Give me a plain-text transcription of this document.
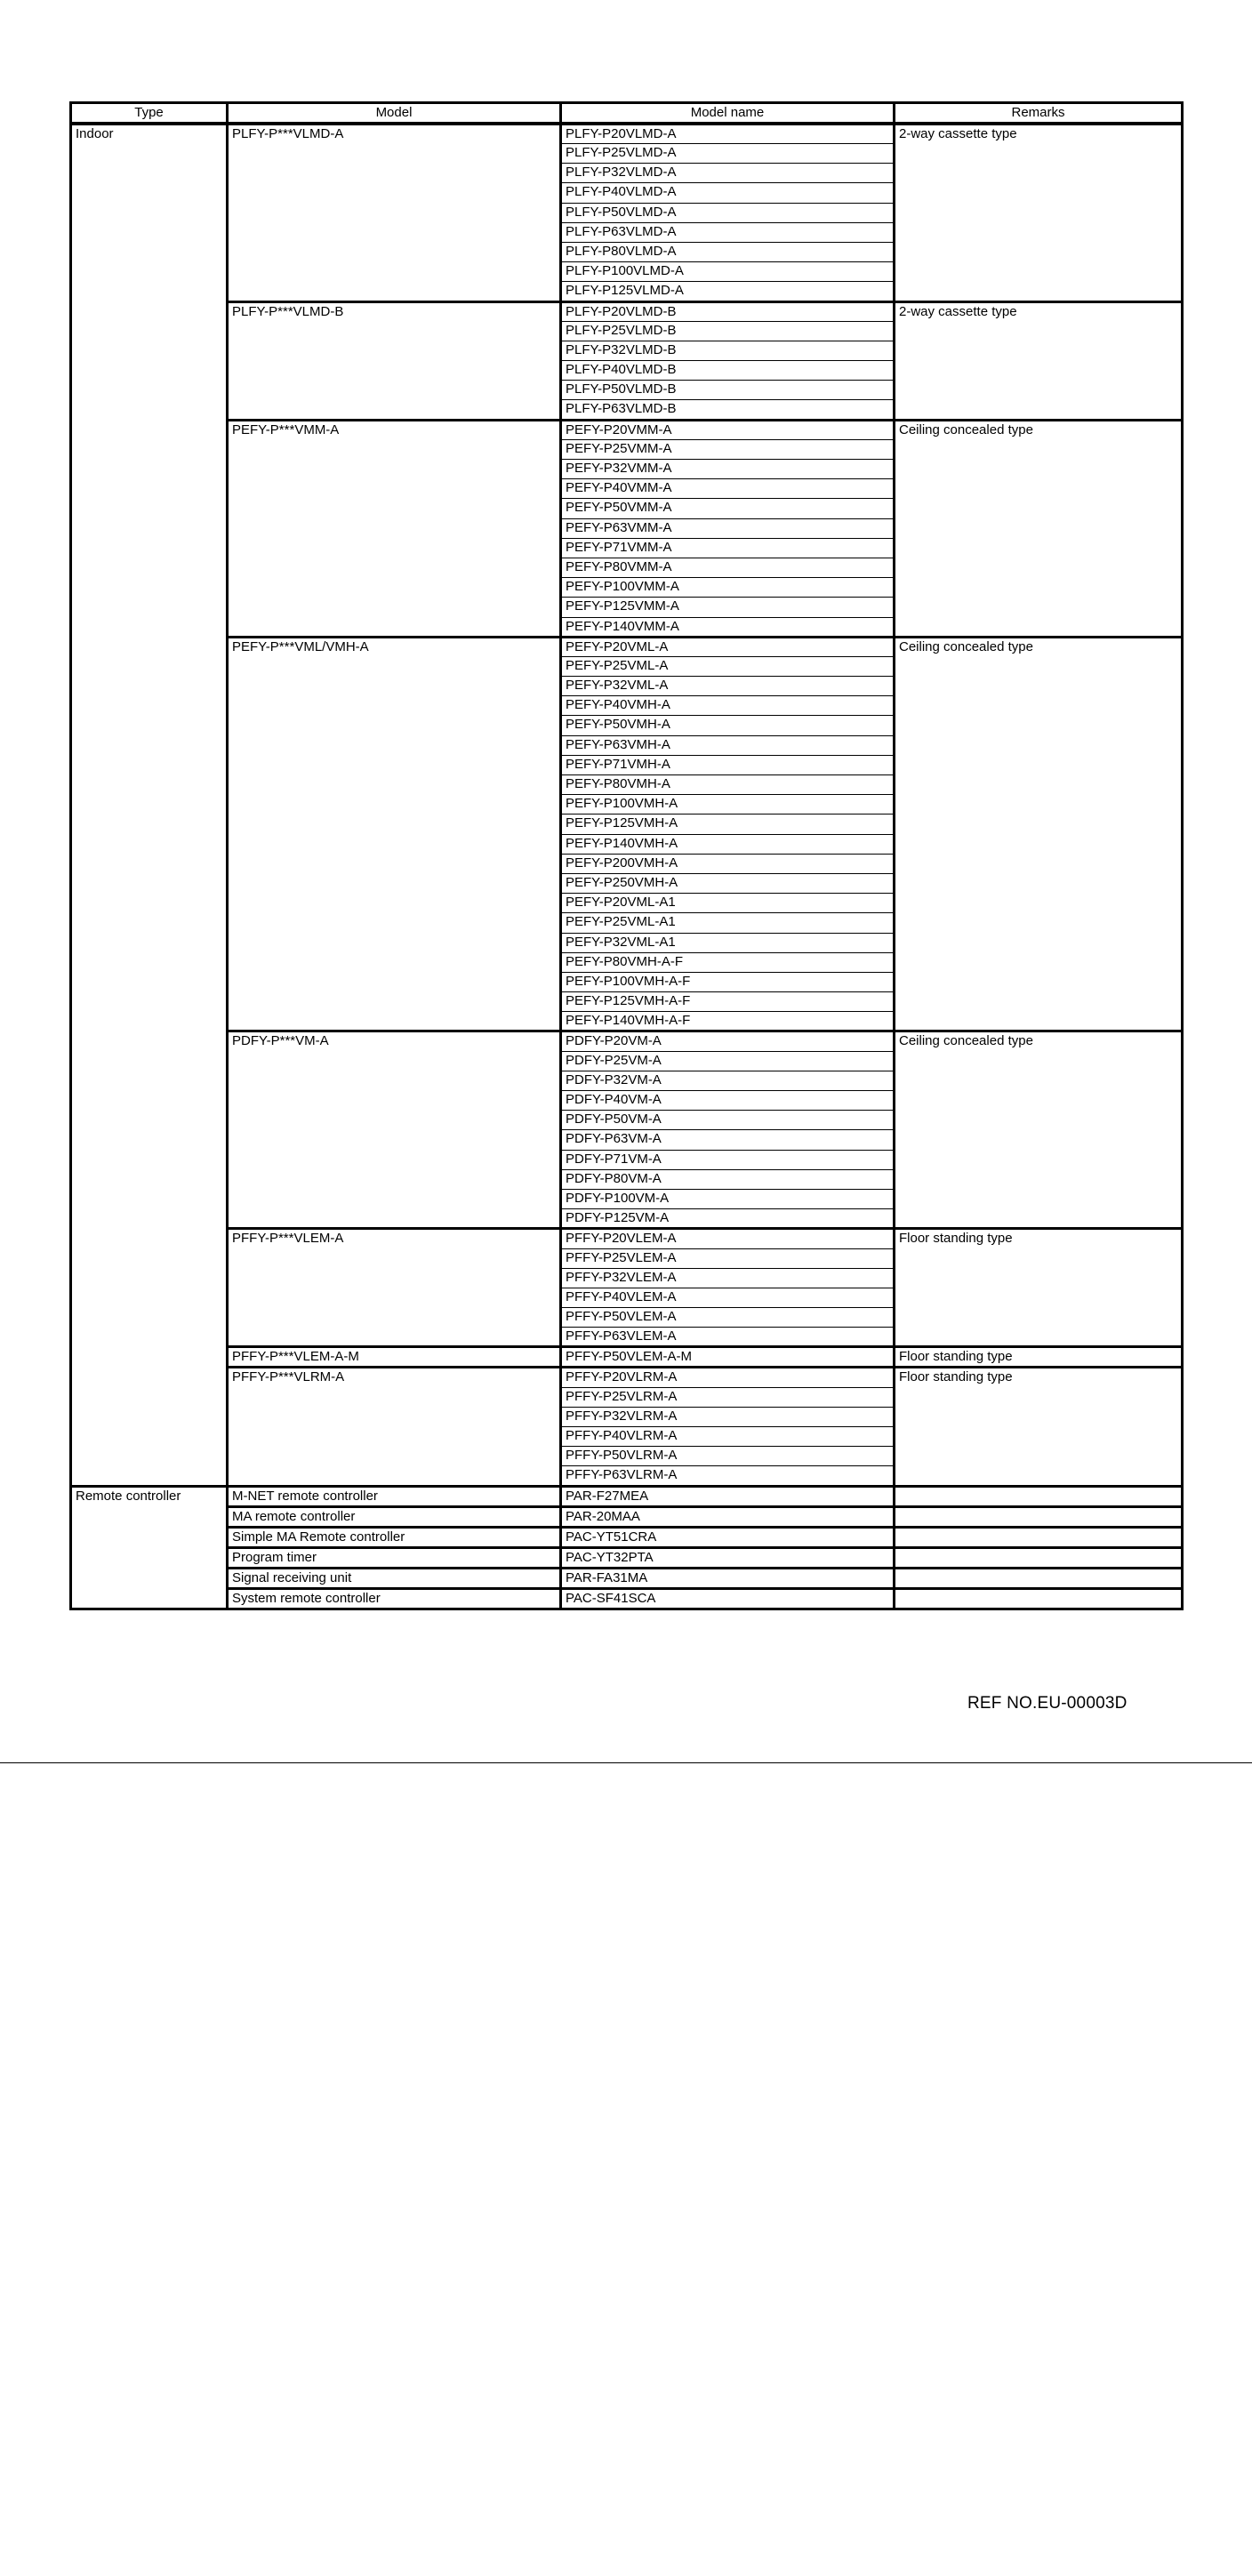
Type	Model	Model name	Remarks
Indoor	PLFY-P***VLMD-A	PLFY-P20VLMD-A	2-way cassette type
		PLFY-P25VLMD-A	
		PLFY-P32VLMD-A	
		PLFY-P40VLMD-A	
		PLFY-P50VLMD-A	
		PLFY-P63VLMD-A	
		PLFY-P80VLMD-A	
		PLFY-P100VLMD-A	
		PLFY-P125VLMD-A	
	PLFY-P***VLMD-B	PLFY-P20VLMD-B	2-way cassette type
		PLFY-P25VLMD-B	
		PLFY-P32VLMD-B	
		PLFY-P40VLMD-B	
		PLFY-P50VLMD-B	
		PLFY-P63VLMD-B	
	PEFY-P***VMM-A	PEFY-P20VMM-A	Ceiling concealed type
		PEFY-P25VMM-A	
		PEFY-P32VMM-A	
		PEFY-P40VMM-A	
		PEFY-P50VMM-A	
		PEFY-P63VMM-A	
		PEFY-P71VMM-A	
		PEFY-P80VMM-A	
		PEFY-P100VMM-A	
		PEFY-P125VMM-A	
		PEFY-P140VMM-A	
	PEFY-P***VML/VMH-A	PEFY-P20VML-A	Ceiling concealed type
		PEFY-P25VML-A	
		PEFY-P32VML-A	
		PEFY-P40VMH-A	
		PEFY-P50VMH-A	
		PEFY-P63VMH-A	
		PEFY-P71VMH-A	
		PEFY-P80VMH-A	
		PEFY-P100VMH-A	
		PEFY-P125VMH-A	
		PEFY-P140VMH-A	
		PEFY-P200VMH-A	
		PEFY-P250VMH-A	
		PEFY-P20VML-A1	
		PEFY-P25VML-A1	
		PEFY-P32VML-A1	
		PEFY-P80VMH-A-F	
		PEFY-P100VMH-A-F	
		PEFY-P125VMH-A-F	
		PEFY-P140VMH-A-F	
	PDFY-P***VM-A	PDFY-P20VM-A	Ceiling concealed type
		PDFY-P25VM-A	
		PDFY-P32VM-A	
		PDFY-P40VM-A	
		PDFY-P50VM-A	
		PDFY-P63VM-A	
		PDFY-P71VM-A	
		PDFY-P80VM-A	
		PDFY-P100VM-A	
		PDFY-P125VM-A	
	PFFY-P***VLEM-A	PFFY-P20VLEM-A	Floor standing type
		PFFY-P25VLEM-A	
		PFFY-P32VLEM-A	
		PFFY-P40VLEM-A	
		PFFY-P50VLEM-A	
		PFFY-P63VLEM-A	
	PFFY-P***VLEM-A-M	PFFY-P50VLEM-A-M	Floor standing type
	PFFY-P***VLRM-A	PFFY-P20VLRM-A	Floor standing type
		PFFY-P25VLRM-A	
		PFFY-P32VLRM-A	
		PFFY-P40VLRM-A	
		PFFY-P50VLRM-A	
		PFFY-P63VLRM-A	
Remote controller	M-NET remote controller	PAR-F27MEA	
	MA remote controller	PAR-20MAA	
	Simple MA Remote controller	PAC-YT51CRA	
	Program timer	PAC-YT32PTA	
	Signal receiving unit	PAR-FA31MA	
	System remote controller	PAC-SF41SCA	
REF NO.EU-00003D
